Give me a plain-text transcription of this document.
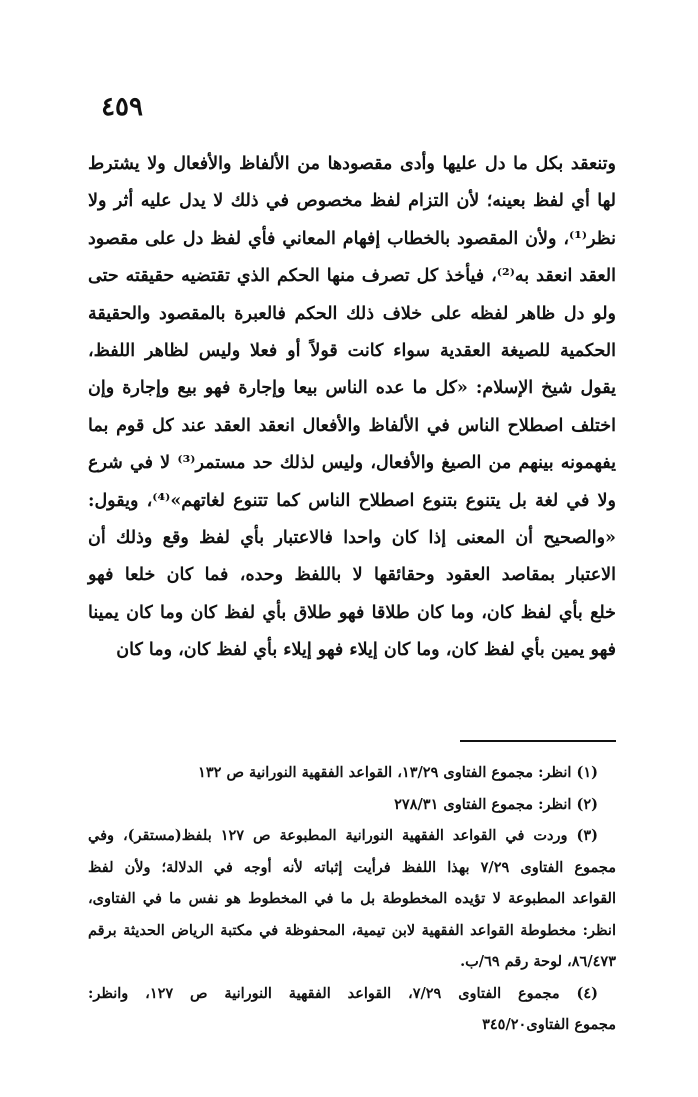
٤٥٩
وتنعقد بكل ما دل عليها وأدى مقصودها من الألفاظ والأفعال ولا يشترط
لها أي لفظ بعينه؛ لأن التزام لفظ مخصوص في ذلك لا يدل عليه أثر ولا
نظر⁽¹⁾، ولأن المقصود بالخطاب إفهام المعاني فأي لفظ دل على مقصود
العقد انعقد به⁽²⁾، فيأخذ كل تصرف منها الحكم الذي تقتضيه حقيقته حتى
ولو دل ظاهر لفظه على خلاف ذلك الحكم فالعبرة بالمقصود والحقيقة
الحكمية للصيغة العقدية سواء كانت قولاً أو فعلا وليس لظاهر اللفظ،
يقول شيخ الإسلام: «كل ما عده الناس بيعا وإجارة فهو بيع وإجارة وإن
اختلف اصطلاح الناس في الألفاظ والأفعال انعقد العقد عند كل قوم بما
يفهمونه بينهم من الصيغ والأفعال، وليس لذلك حد مستمر⁽³⁾ لا في شرع
ولا في لغة بل يتنوع بتنوع اصطلاح الناس كما تتنوع لغاتهم»⁽⁴⁾، ويقول:
«والصحيح أن المعنى إذا كان واحدا فالاعتبار بأي لفظ وقع وذلك أن
الاعتبار بمقاصد العقود وحقائقها لا باللفظ وحده، فما كان خلعا فهو
خلع بأي لفظ كان، وما كان طلاقا فهو طلاق بأي لفظ كان وما كان يمينا
فهو يمين بأي لفظ كان، وما كان إيلاء فهو إيلاء بأي لفظ كان، وما كان
(١) انظر: مجموع الفتاوى ١٣/٢٩، القواعد الفقهية النورانية ص ١٣٢
(٢) انظر: مجموع الفتاوى ٢٧٨/٣١
(٣) وردت في القواعد الفقهية النورانية المطبوعة ص ١٢٧ بلفظ(مستقر)، وفي
مجموع الفتاوى ٧/٢٩ بهذا اللفظ فرأيت إثباته لأنه أوجه في الدلالة؛ ولأن لفظ
القواعد المطبوعة لا تؤيده المخطوطة بل ما في المخطوط هو نفس ما في الفتاوى،
انظر: مخطوطة القواعد الفقهية لابن تيمية، المحفوظة في مكتبة الرياض الحديثة برقم
٨٦/٤٧٣، لوحة رقم ٦٩/ب.
(٤) مجموع الفتاوى ٧/٢٩، القواعد الفقهية النورانية ص ١٢٧، وانظر:
مجموع الفتاوى٣٤٥/٢٠
